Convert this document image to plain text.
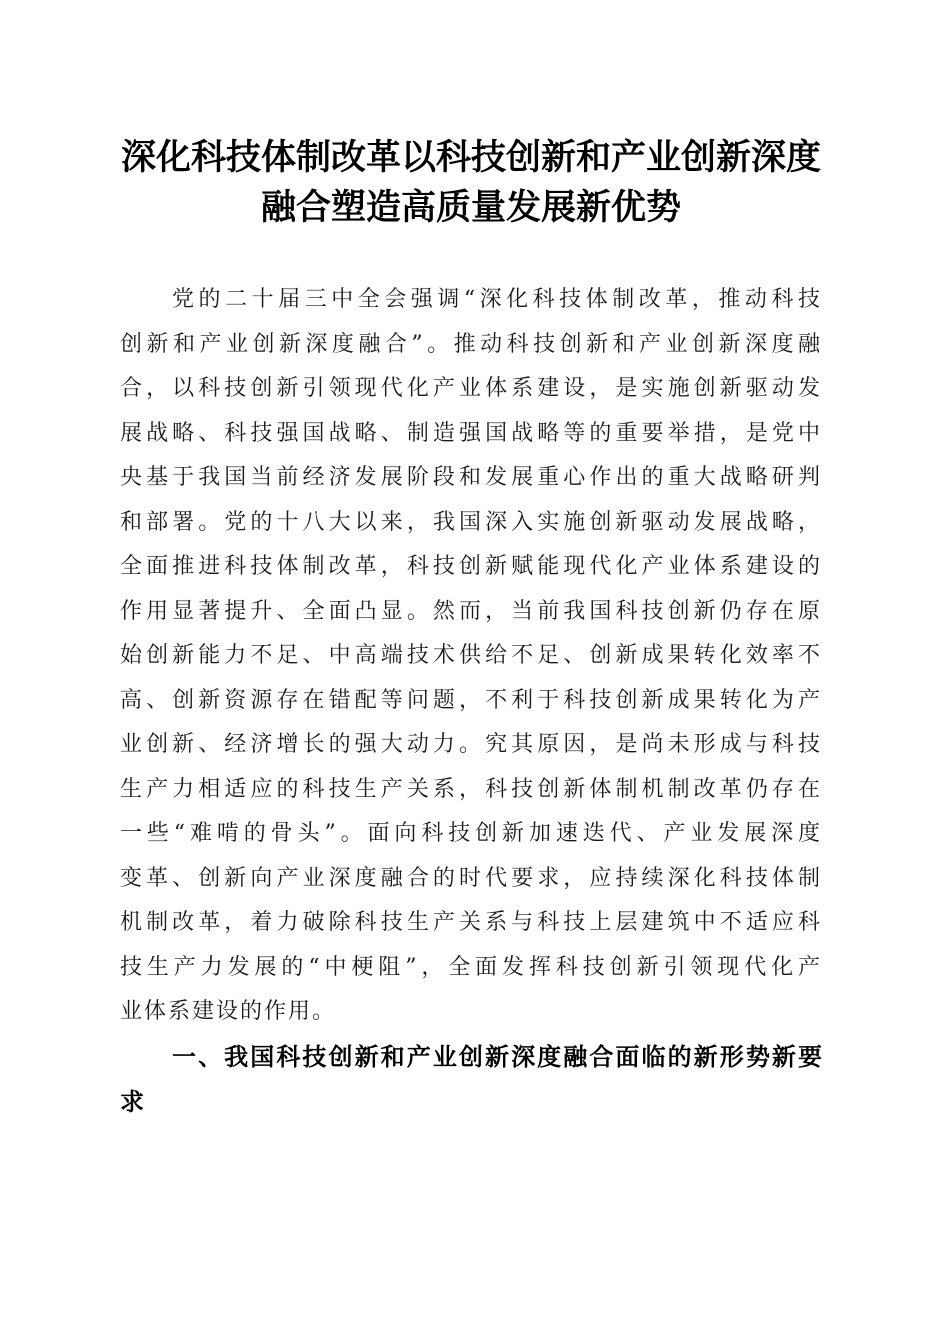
深化科技体制改革以科技创新和产业创新深度
融合塑造高质量发展新优势
党的二十届三中全会强调“深化科技体制改革，推动科技
创新和产业创新深度融合”。推动科技创新和产业创新深度融
合，以科技创新引领现代化产业体系建设，是实施创新驱动发
展战略、科技强国战略、制造强国战略等的重要举措，是党中
央基于我国当前经济发展阶段和发展重心作出的重大战略研判
和部署。党的十八大以来，我国深入实施创新驱动发展战略，
全面推进科技体制改革，科技创新赋能现代化产业体系建设的
作用显著提升、全面凸显。然而，当前我国科技创新仍存在原
始创新能力不足、中高端技术供给不足、创新成果转化效率不
高、创新资源存在错配等问题，不利于科技创新成果转化为产
业创新、经济增长的强大动力。究其原因，是尚未形成与科技
生产力相适应的科技生产关系，科技创新体制机制改革仍存在
一些“难啃的骨头”。面向科技创新加速迭代、产业发展深度
变革、创新向产业深度融合的时代要求，应持续深化科技体制
机制改革，着力破除科技生产关系与科技上层建筑中不适应科
技生产力发展的“中梗阻”，全面发挥科技创新引领现代化产
业体系建设的作用。
一、我国科技创新和产业创新深度融合面临的新形势新要
求
